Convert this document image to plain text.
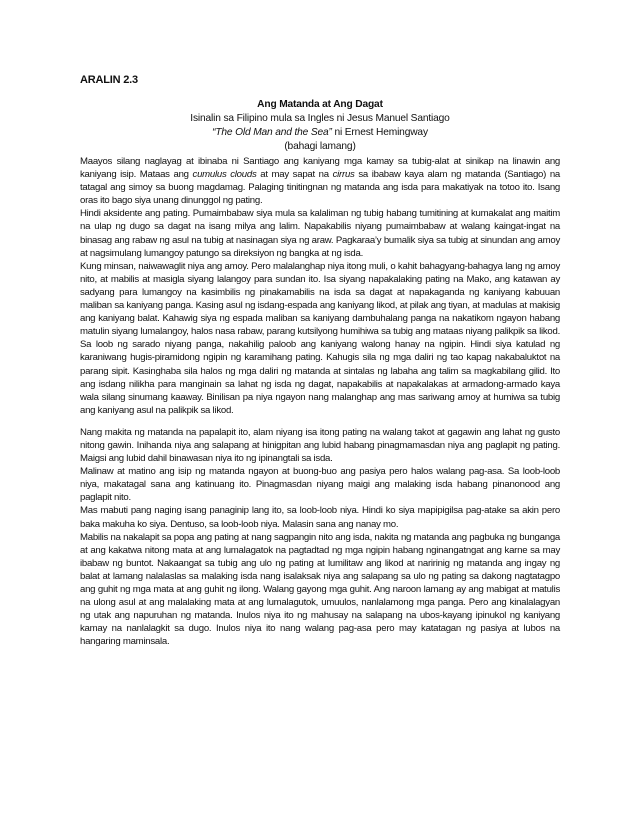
ARALIN 2.3
Ang Matanda at Ang Dagat
Isinalin sa Filipino mula sa Ingles ni Jesus Manuel Santiago
“The Old Man and the Sea” ni Ernest Hemingway
(bahagi lamang)

Maayos silang naglayag at ibinaba ni Santiago ang kaniyang mga kamay sa tubig-alat at sinikap na linawin ang kaniyang isip. Mataas ang cumulus clouds at may sapat na cirrus sa ibabaw kaya alam ng matanda (Santiago) na tatagal ang simoy sa buong magdamag. Palaging tinitingnan ng matanda ang isda para makatiyak na totoo ito. Isang oras ito bago siya unang dinunggol ng pating.

Hindi aksidente ang pating. Pumaimbabaw siya mula sa kalaliman ng tubig habang tumitining at kumakalat ang maitim na ulap ng dugo sa dagat na isang milya ang lalim. Napakabilis niyang pumaimbabaw at walang kaingat-ingat na binasag ang rabaw ng asul na tubig at nasinagan siya ng araw. Pagkaraa’y bumalik siya sa tubig at sinundan ang amoy at nagsimulang lumangoy patungo sa direksiyon ng bangka at ng isda.

Kung minsan, naiwawaglit niya ang amoy. Pero malalanghap niya itong muli, o kahit bahagyang-bahagya lang ng amoy nito, at mabilis at masigla siyang lalangoy para sundan ito. Isa siyang napakalaking pating na Mako, ang katawan ay sadyang para lumangoy na kasimbilis ng pinakamabilis na isda sa dagat at napakaganda ng kaniyang kabuuan maliban sa kaniyang panga. Kasing asul ng isdang-espada ang kaniyang likod, at pilak ang tiyan, at madulas at makisig ang kaniyang balat. Kahawig siya ng espada maliban sa kaniyang dambuhalang panga na nakatikom ngayon habang matulin siyang lumalangoy, halos nasa rabaw, parang kutsilyong humihiwa sa tubig ang mataas niyang palikpik sa likod. Sa loob ng sarado niyang panga, nakahilig paloob ang kaniyang walong hanay na ngipin. Hindi siya katulad ng karaniwang hugis-piramidong ngipin ng karamihang pating. Kahugis sila ng mga daliri ng tao kapag nakabaluktot na parang sipit. Kasinghaba sila halos ng mga daliri ng matanda at sintalas ng labaha ang talim sa magkabilang gilid. Ito ang isdang nilikha para manginain sa lahat ng isda ng dagat, napakabilis at napakalakas at armadong-armado kaya wala silang sinumang kaaway. Binilisan pa niya ngayon nang malanghap ang mas sariwang amoy at humiwa sa tubig ang kaniyang asul na palikpik sa likod.

Nang makita ng matanda na papalapit ito, alam niyang isa itong pating na walang takot at gagawin ang lahat ng gusto nitong gawin. Inihanda niya ang salapang at hinigpitan ang lubid habang pinagmamasdan niya ang paglapit ng pating. Maigsi ang lubid dahil binawasan niya ito ng ipinangtali sa isda.

Malinaw at matino ang isip ng matanda ngayon at buong-buo ang pasiya pero halos walang pag-asa. Sa loob-loob niya, makatagal sana ang katinuang ito. Pinagmasdan niyang maigi ang malaking isda habang pinanonood ang paglapit nito.

Mas mabuti pang naging isang panaginip lang ito, sa loob-loob niya. Hindi ko siya mapipigilsa pag-atake sa akin pero baka makuha ko siya. Dentuso, sa loob-loob niya. Malasin sana ang nanay mo.

Mabilis na nakalapit sa popa ang pating at nang sagpangin nito ang isda, nakita ng matanda ang pagbuka ng bunganga at ang kakatwa nitong mata at ang lumalagatok na pagtadtad ng mga ngipin habang nginangatngat ang karne sa may ibabaw ng buntot. Nakaangat sa tubig ang ulo ng pating at lumilitaw ang likod at naririnig ng matanda ang ingay ng balat at lamang nalalaslas sa malaking isda nang isalaksak niya ang salapang sa ulo ng pating sa dakong nagtatagpo ang guhit ng mga mata at ang guhit ng ilong. Walang gayong mga guhit. Ang naroon lamang ay ang mabigat at matulis na ulong asul at ang malalaking mata at ang lumalagutok, umuulos, nanlalamong mga panga. Pero ang kinalalagyan ng utak ang napuruhan ng matanda. Inulos niya ito ng mahusay na salapang na ubos-kayang ipinukol ng kaniyang kamay na nanlalagkit sa dugo. Inulos niya ito nang walang pag-asa pero may katatagan ng pasiya at lubos na hangaring maminsala.
